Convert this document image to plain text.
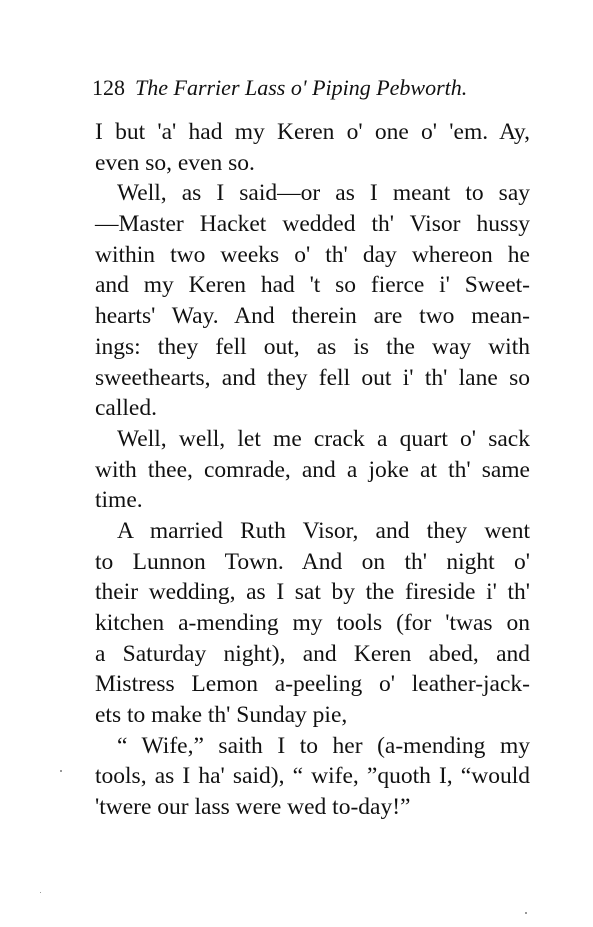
128 The Farrier Lass o' Piping Pebworth.
I but 'a' had my Keren o' one o' 'em. Ay,
even so, even so.
Well, as I said—or as I meant to say
—Master Hacket wedded th' Visor hussy
within two weeks o' th' day whereon he
and my Keren had 't so fierce i' Sweet-
hearts' Way. And therein are two mean-
ings: they fell out, as is the way with
sweethearts, and they fell out i' th' lane so
called.
Well, well, let me crack a quart o' sack
with thee, comrade, and a joke at th' same
time.
A married Ruth Visor, and they went
to Lunnon Town. And on th' night o'
their wedding, as I sat by the fireside i' th'
kitchen a-mending my tools (for 'twas on
a Saturday night), and Keren abed, and
Mistress Lemon a-peeling o' leather-jack-
ets to make th' Sunday pie,
“ Wife,” saith I to her (a-mending my
tools, as I ha' said), “ wife, ”quoth I, “would
'twere our lass were wed to-day!”
